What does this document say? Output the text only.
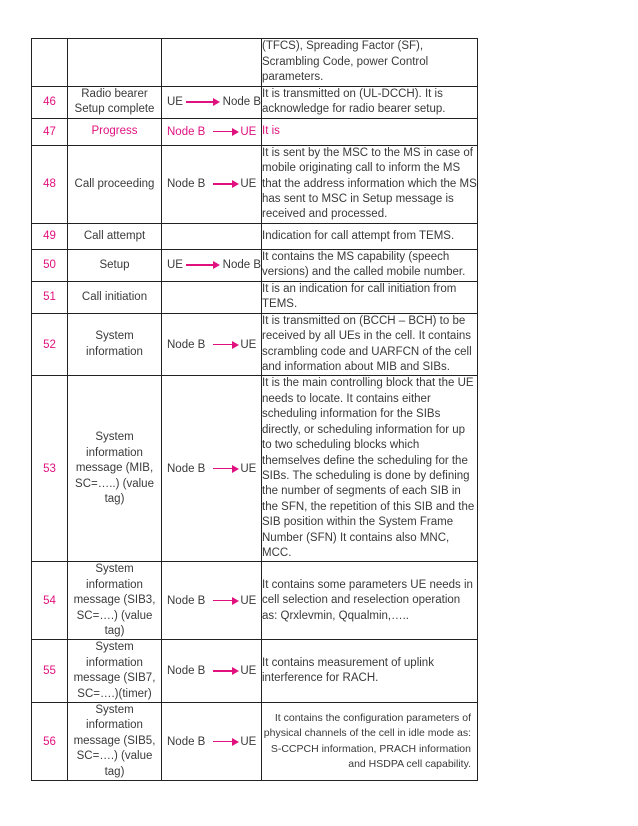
			(TFCS), Spreading Factor (SF), Scrambling Code, power Control parameters.
46	Radio bearer Setup complete	UE Node B	It is transmitted on (UL-DCCH). It is acknowledge for radio bearer setup.
47	Progress	Node B UE	It is
48	Call proceeding	Node B UE	It is sent by the MSC to the MS in case of mobile originating call to inform the MS that the address information which the MS has sent to MSC in Setup message is received and processed.
49	Call attempt		Indication for call attempt from TEMS.
50	Setup	UE Node B	It contains the MS capability (speech versions) and the called mobile number.
51	Call initiation		It is an indication for call initiation from TEMS.
52	System information	Node B UE	It is transmitted on (BCCH – BCH) to be received by all UEs in the cell. It contains scrambling code and UARFCN of the cell and information about MIB and SIBs.
53	System information message (MIB, SC=…..) (value tag)	Node B UE	It is the main controlling block that the UE needs to locate. It contains either scheduling information for the SIBs directly, or scheduling information for up to two scheduling blocks which themselves define the scheduling for the SIBs. The scheduling is done by defining the number of segments of each SIB in the SFN, the repetition of this SIB and the SIB position within the System Frame Number (SFN) It contains also MNC, MCC.
54	System information message (SIB3, SC=….) (value tag)	Node B UE	It contains some parameters UE needs in cell selection and reselection operation as: Qrxlevmin, Qqualmin,…..
55	System information message (SIB7, SC=….)(timer)	Node B UE	It contains measurement of uplink interference for RACH.
56	System information message (SIB5, SC=….) (value tag)	Node B UE	It contains the configuration parameters of physical channels of the cell in idle mode as: S-CCPCH information, PRACH information and HSDPA cell capability.
